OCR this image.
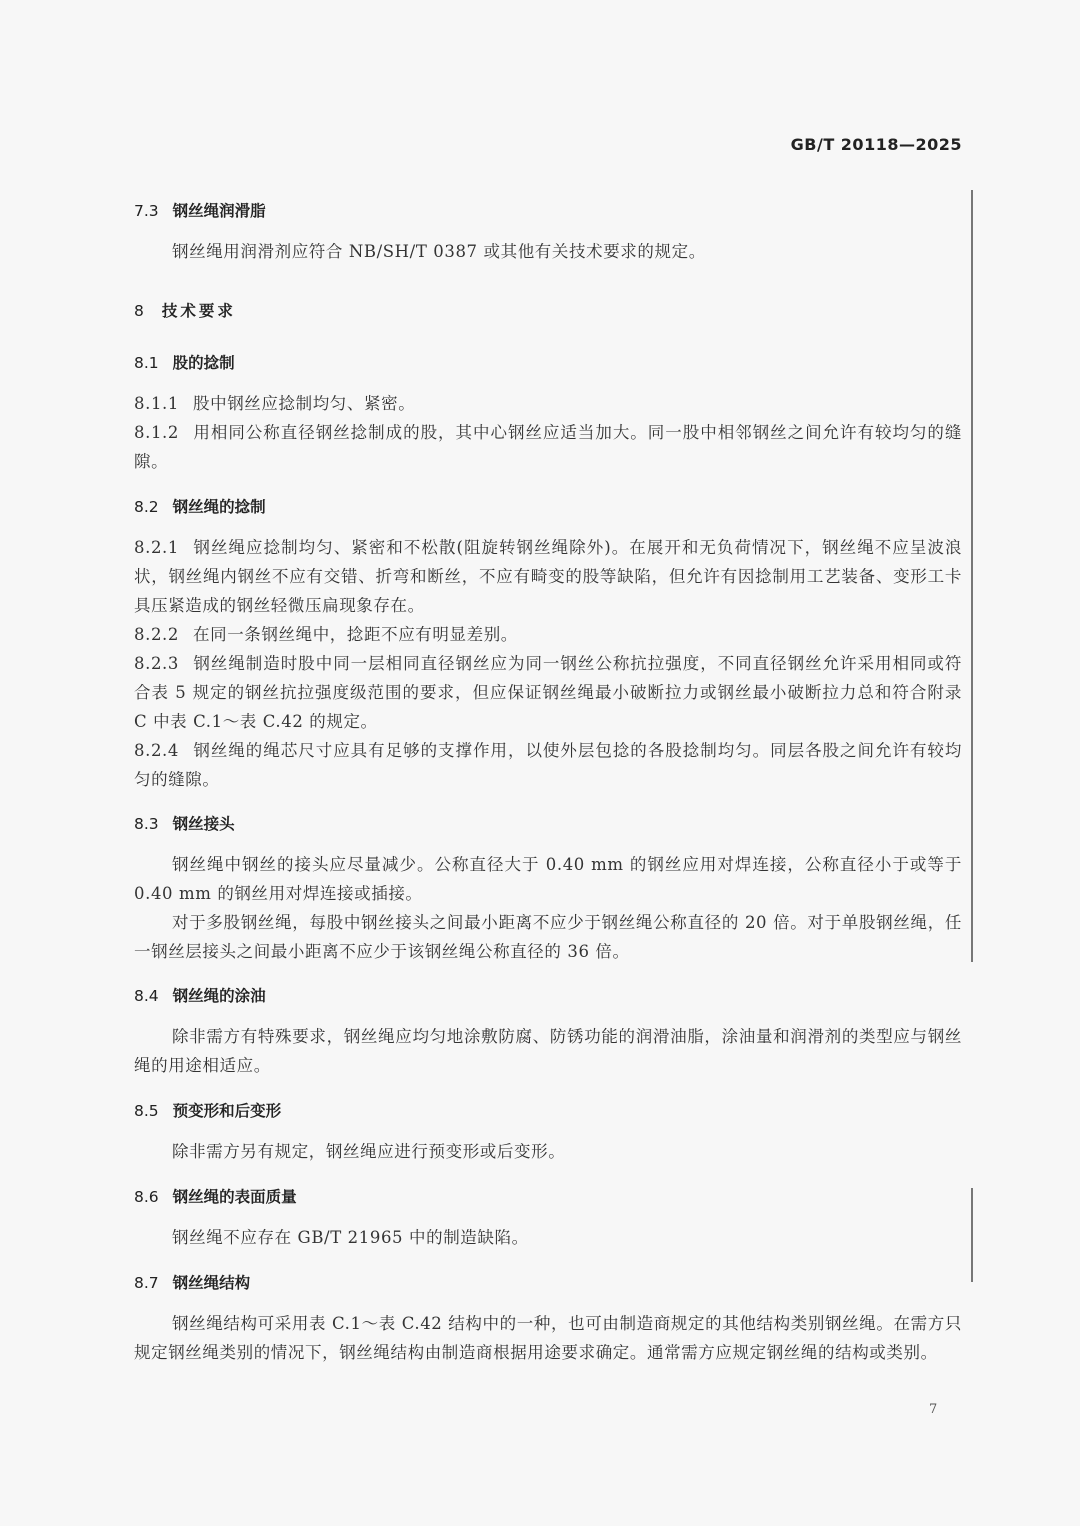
GB/T 20118—2025
7.3 钢丝绳润滑脂

钢丝绳用润滑剂应符合 NB/SH/T 0387 或其他有关技术要求的规定。

8 技术要求
8.1 股的捻制

8.1.1 股中钢丝应捻制均匀、紧密。

8.1.2 用相同公称直径钢丝捻制成的股，其中心钢丝应适当加大。同一股中相邻钢丝之间允许有较均匀的缝隙。

8.2 钢丝绳的捻制

8.2.1 钢丝绳应捻制均匀、紧密和不松散(阻旋转钢丝绳除外)。在展开和无负荷情况下，钢丝绳不应呈波浪状，钢丝绳内钢丝不应有交错、折弯和断丝，不应有畸变的股等缺陷，但允许有因捻制用工艺装备、变形工卡具压紧造成的钢丝轻微压扁现象存在。

8.2.2 在同一条钢丝绳中，捻距不应有明显差别。

8.2.3 钢丝绳制造时股中同一层相同直径钢丝应为同一钢丝公称抗拉强度，不同直径钢丝允许采用相同或符合表 5 规定的钢丝抗拉强度级范围的要求，但应保证钢丝绳最小破断拉力或钢丝最小破断拉力总和符合附录 C 中表 C.1～表 C.42 的规定。

8.2.4 钢丝绳的绳芯尺寸应具有足够的支撑作用，以使外层包捻的各股捻制均匀。同层各股之间允许有较均匀的缝隙。

8.3 钢丝接头

钢丝绳中钢丝的接头应尽量减少。公称直径大于 0.40 mm 的钢丝应用对焊连接，公称直径小于或等于 0.40 mm 的钢丝用对焊连接或插接。

对于多股钢丝绳，每股中钢丝接头之间最小距离不应少于钢丝绳公称直径的 20 倍。对于单股钢丝绳，任一钢丝层接头之间最小距离不应少于该钢丝绳公称直径的 36 倍。

8.4 钢丝绳的涂油

除非需方有特殊要求，钢丝绳应均匀地涂敷防腐、防锈功能的润滑油脂，涂油量和润滑剂的类型应与钢丝绳的用途相适应。

8.5 预变形和后变形

除非需方另有规定，钢丝绳应进行预变形或后变形。

8.6 钢丝绳的表面质量

钢丝绳不应存在 GB/T 21965 中的制造缺陷。

8.7 钢丝绳结构

钢丝绳结构可采用表 C.1～表 C.42 结构中的一种，也可由制造商规定的其他结构类别钢丝绳。在需方只规定钢丝绳类别的情况下，钢丝绳结构由制造商根据用途要求确定。通常需方应规定钢丝绳的结构或类别。

7
